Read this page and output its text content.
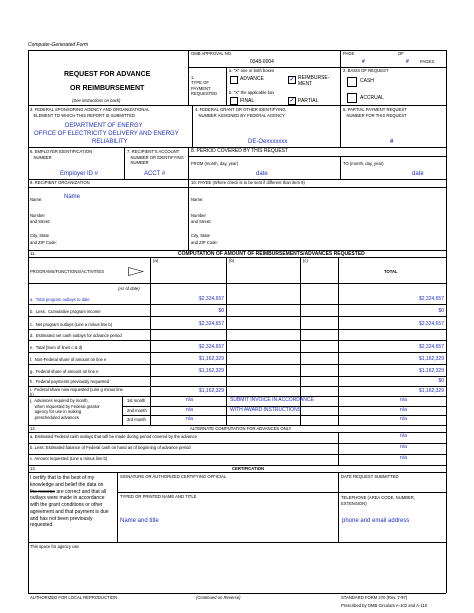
Computer-Generated Form
OMB APPROVAL NO.
0348-0004
PAGE	OF
#	#	PAGES
REQUEST FOR ADVANCE
OR REIMBURSEMENT
(See instructions on back)
1.
TYPE OF
PAYMENT
REQUESTED
a. "X" one or both boxes
ADVANCE	✓ REIMBURSE-
MENT
b. "X" the applicable box
FINAL	✓ PARTIAL
2. BASIS OF REQUEST
CASH
ACCRUAL
3. FEDERAL SPONSORING AGENCY AND ORGANIZATIONAL
ELEMENT TO WHICH THIS REPORT IS SUBMITTED
DEPARTMENT OF ENERGY
OFFICE OF ELECTRICITY DELIVERY AND ENERGY
RELIABILITY
4. FEDERAL GRANT OR OTHER IDENTIFYING
NUMBER ASSIGNED BY FEDERAL AGENCY
DE-Oexxxxxxx
5. PARTIAL PAYMENT REQUEST
NUMBER FOR THIS REQUEST
#
6. EMPLOYER IDENTIFICATION
NUMBER
Employer ID #
7. RECIPIENT'S ACCOUNT
NUMBER OR IDENTIFYING
NUMBER
ACCT #
8. PERIOD COVERED BY THIS REQUEST
FROM (month, day, year)	TO (month, day, year)
date	date
9. RECIPIENT ORGANIZATION	10. PAYEE (Where check is to be sent if different than item 9)
Name:	Name	Name:
Number
and Street:
Number
and Street:
City, State
and ZIP Code:
City, State
and ZIP Code:
11.	COMPUTATION OF AMOUNT OF REIMBURSEMENTS/ADVANCES REQUESTED
(a)	(b)	(c)
TOTAL
PROGRAMS/FUNCTIONS/ACTIVITIES
(As of date)
a.  Total program outlays to date	$2,324,657	$2,324,657
b.  Less:  Cumulative program income	$0	$0
c.  Net program outlays (Line a minus line b)	$2,324,657	$2,324,657
d.  Estimated net cash outlays for advance period
e.  Total (Sum of lines c & d)	$2,324,657	$2,324,657
f.  Non-Federal share of amount on line e	$1,162,329	$1,162,329
g.  Federal share of amount on line e	$1,162,329	$1,162,329
h.  Federal payments previously requested	$0
i.  Federal share now requested (Line g minus line
h)
$1,162,329	$1,162,329
j.  Advances required by month,
when requested by Federal grantor
agency for use in making
prescheduled advances
1st month	n/a	SUBMIT INVOICE IN ACCORDANCE	n/a
2nd month	n/a	WITH AWARD INSTRUCTIONS	n/a
3rd month	n/a	n/a
12.	ALTERNATE COMPUTATION FOR ADVANCES ONLY
a. Estimated Federal cash outlays that will be made during period covered by the advance	n/a
b. Less: Estimated balance of Federal cash on hand as of beginning of advance period	n/a
c. Amount requested (Line a minus line b)	n/a
13.	CERTIFICATION
I certify that to the best of my
knowledge and belief the data on
the reverse are correct and that all
outlays were made in accordance
with the grant conditions or other
agreement and that payment is due
and has not been previously
requested.
SIGNATURE OR AUTHORIZED CERTIFYING OFFICIAL	DATE REQUEST SUBMITTED
TYPED OR PRINTED NAME AND TITLE
Name and title
TELEPHONE (AREA CODE, NUMBER,
EXTENSION)
phone and email address
This space for agency use
AUTHORIZED FOR LOCAL REPRODUCTION	(Continued on Reverse)	STANDARD FORM 270 (Rev. 7-97)
Prescribed by OMB Circulars A-102 and A-110
